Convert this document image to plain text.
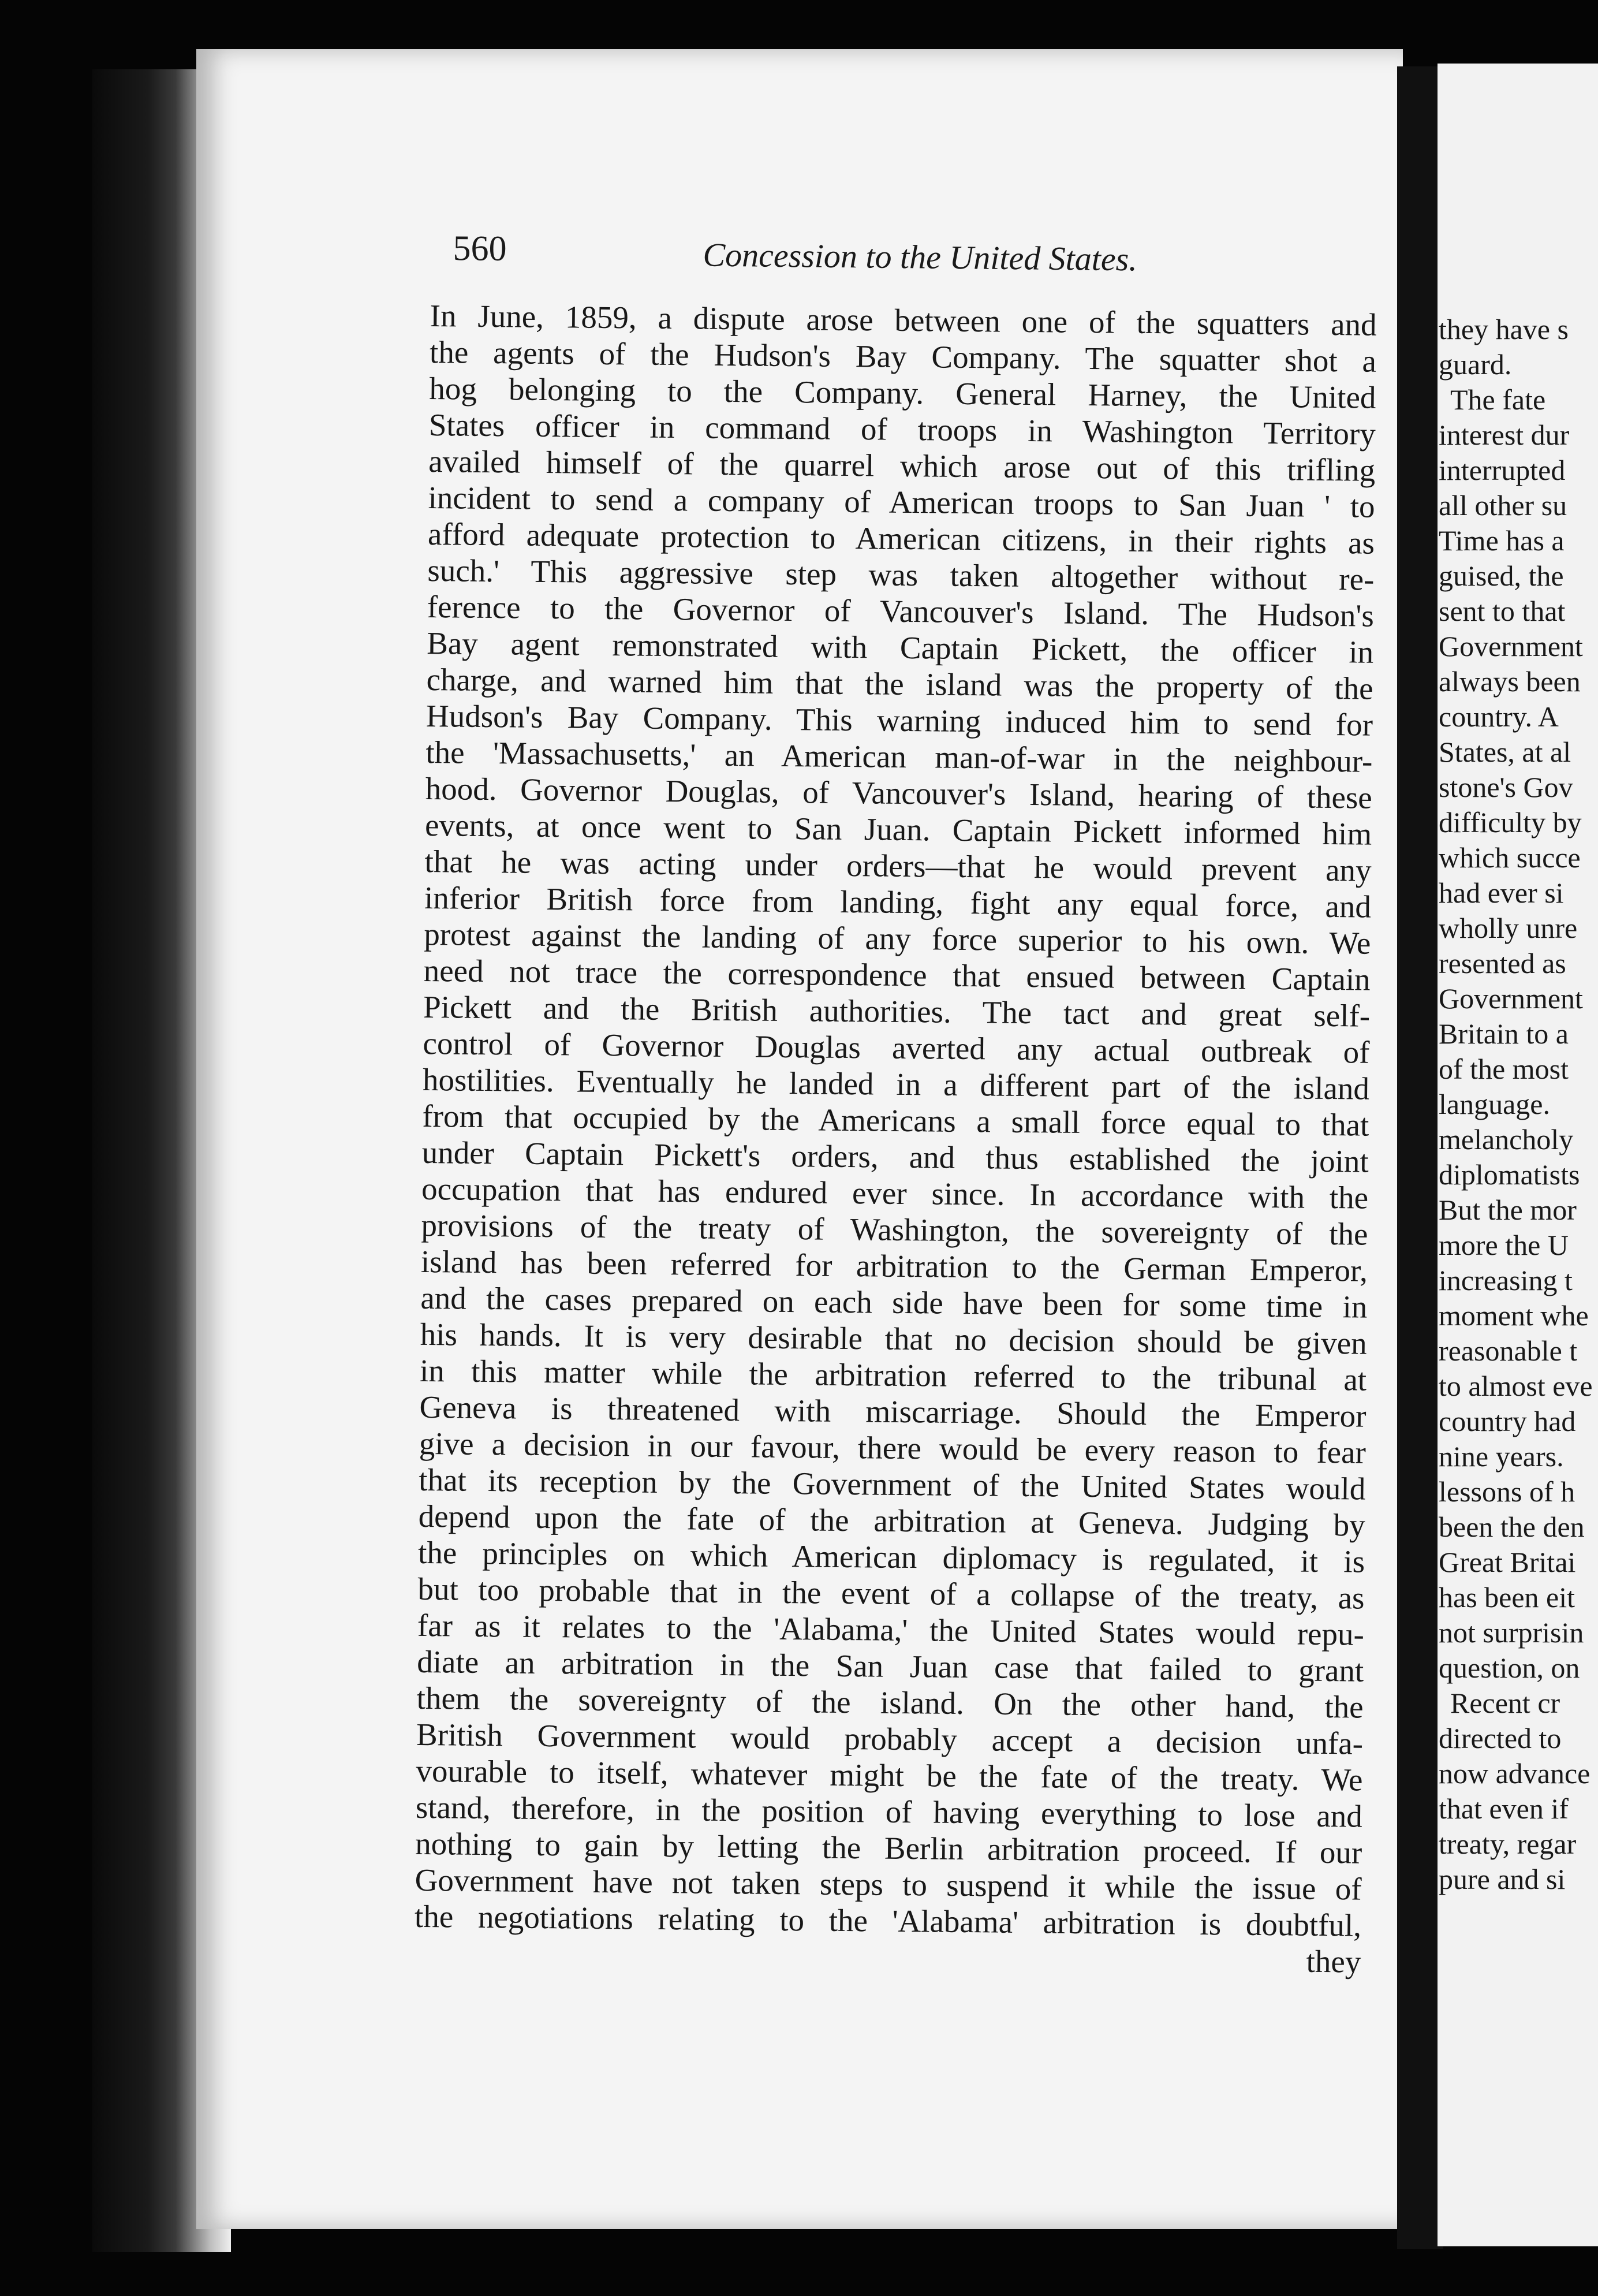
560	Concession to the United States.
In June, 1859, a dispute arose between one of the squatters and
the agents of the Hudson's Bay Company. The squatter shot a
hog belonging to the Company. General Harney, the United
States officer in command of troops in Washington Territory
availed himself of the quarrel which arose out of this trifling
incident to send a company of American troops to San Juan ' to
afford adequate protection to American citizens, in their rights as
such.' This aggressive step was taken altogether without re-
ference to the Governor of Vancouver's Island. The Hudson's
Bay agent remonstrated with Captain Pickett, the officer in
charge, and warned him that the island was the property of the
Hudson's Bay Company. This warning induced him to send for
the 'Massachusetts,' an American man-of-war in the neighbour-
hood. Governor Douglas, of Vancouver's Island, hearing of these
events, at once went to San Juan. Captain Pickett informed him
that he was acting under orders—that he would prevent any
inferior British force from landing, fight any equal force, and
protest against the landing of any force superior to his own. We
need not trace the correspondence that ensued between Captain
Pickett and the British authorities. The tact and great self-
control of Governor Douglas averted any actual outbreak of
hostilities. Eventually he landed in a different part of the island
from that occupied by the Americans a small force equal to that
under Captain Pickett's orders, and thus established the joint
occupation that has endured ever since. In accordance with the
provisions of the treaty of Washington, the sovereignty of the
island has been referred for arbitration to the German Emperor,
and the cases prepared on each side have been for some time in
his hands. It is very desirable that no decision should be given
in this matter while the arbitration referred to the tribunal at
Geneva is threatened with miscarriage. Should the Emperor
give a decision in our favour, there would be every reason to fear
that its reception by the Government of the United States would
depend upon the fate of the arbitration at Geneva. Judging by
the principles on which American diplomacy is regulated, it is
but too probable that in the event of a collapse of the treaty, as
far as it relates to the 'Alabama,' the United States would repu-
diate an arbitration in the San Juan case that failed to grant
them the sovereignty of the island. On the other hand, the
British Government would probably accept a decision unfa-
vourable to itself, whatever might be the fate of the treaty. We
stand, therefore, in the position of having everything to lose and
nothing to gain by letting the Berlin arbitration proceed. If our
Government have not taken steps to suspend it while the issue of
the negotiations relating to the 'Alabama' arbitration is doubtful,
they
they have s
guard.
The fate
interest dur
interrupted
all other su
Time has a
guised, the
sent to that
Government
always been
country. A
States, at al
stone's Gov
difficulty by
which succe
had ever si
wholly unre
resented as
Government
Britain to a
of the most
language.
melancholy
diplomatists
But the mor
more the U
increasing t
moment whe
reasonable t
to almost eve
country had
nine years.
lessons of h
been the den
Great Britai
has been eit
not surprisin
question, on
Recent cr
directed to
now advance
that even if
treaty, regar
pure and si
